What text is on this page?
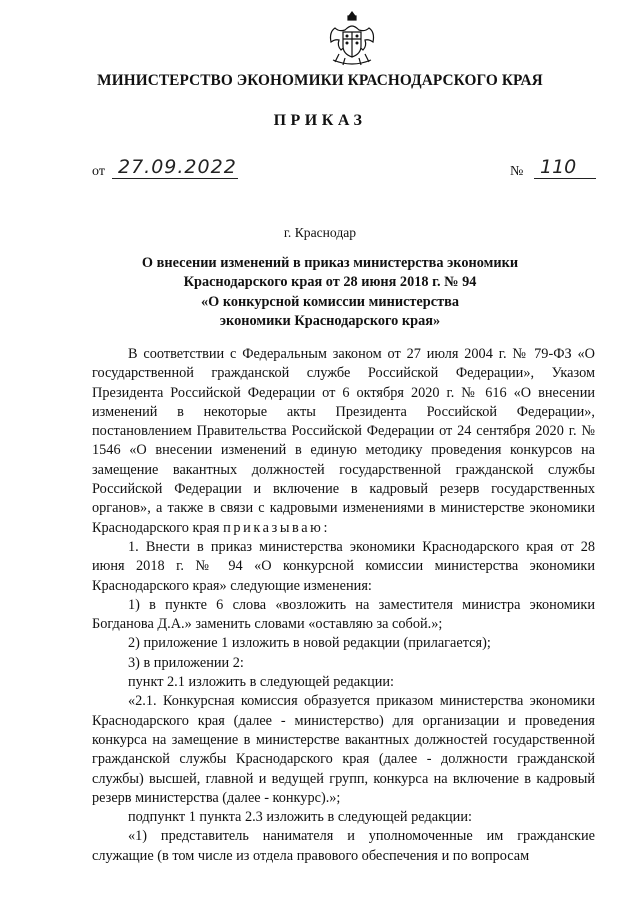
МИНИСТЕРСТВО ЭКОНОМИКИ КРАСНОДАРСКОГО КРАЯ
ПРИКАЗ
от 27.09.2022	№ 110
г. Краснодар
О внесении изменений в приказ министерства экономики
Краснодарского края от 28 июня 2018 г. № 94
«О конкурсной комиссии министерства
экономики Краснодарского края»

В соответствии с Федеральным законом от 27 июля 2004 г. № 79-ФЗ «О государственной гражданской службе Российской Федерации», Указом Президента Российской Федерации от 6 октября 2020 г. № 616 «О внесении изменений в некоторые акты Президента Российской Федерации», постановлением Правительства Российской Федерации от 24 сентября 2020 г. № 1546 «О внесении изменений в единую методику проведения конкурсов на замещение вакантных должностей государственной гражданской службы Российской Федерации и включение в кадровый резерв государственных органов», а также в связи с кадровыми изменениями в министерстве экономики Краснодарского края приказываю:

1. Внести в приказ министерства экономики Краснодарского края от 28 июня 2018 г. № 94 «О конкурсной комиссии министерства экономики Краснодарского края» следующие изменения:

1) в пункте 6 слова «возложить на заместителя министра экономики Богданова Д.А.» заменить словами «оставляю за собой.»;

2) приложение 1 изложить в новой редакции (прилагается);

3) в приложении 2:

пункт 2.1 изложить в следующей редакции:

«2.1. Конкурсная комиссия образуется приказом министерства экономики Краснодарского края (далее - министерство) для организации и проведения конкурса на замещение в министерстве вакантных должностей государственной гражданской службы Краснодарского края (далее - должности гражданской службы) высшей, главной и ведущей групп, конкурса на включение в кадровый резерв министерства (далее - конкурс).»;

подпункт 1 пункта 2.3 изложить в следующей редакции:

«1) представитель нанимателя и уполномоченные им гражданские служащие (в том числе из отдела правового обеспечения и по вопросам
